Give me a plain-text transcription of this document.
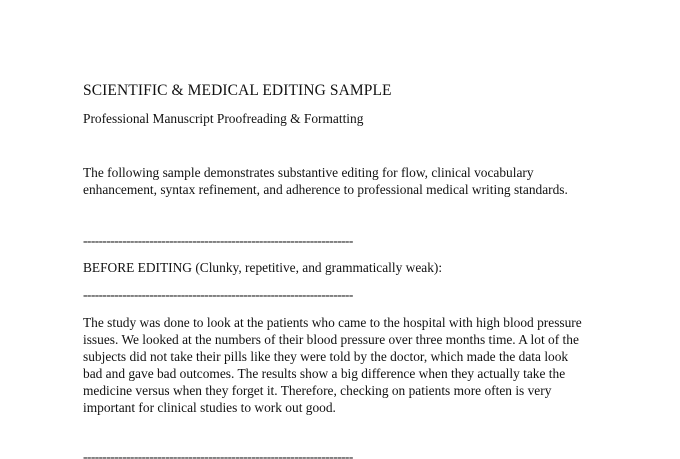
SCIENTIFIC & MEDICAL EDITING SAMPLE
Professional Manuscript Proofreading & Formatting

The following sample demonstrates substantive editing for flow, clinical vocabulary
enhancement, syntax refinement, and adherence to professional medical writing standards.

---------------------------------------------------------------------
BEFORE EDITING (Clunky, repetitive, and grammatically weak):
---------------------------------------------------------------------

The study was done to look at the patients who came to the hospital with high blood pressure
issues. We looked at the numbers of their blood pressure over three months time. A lot of the
subjects did not take their pills like they were told by the doctor, which made the data look
bad and gave bad outcomes. The results show a big difference when they actually take the
medicine versus when they forget it. Therefore, checking on patients more often is very
important for clinical studies to work out good.

---------------------------------------------------------------------
